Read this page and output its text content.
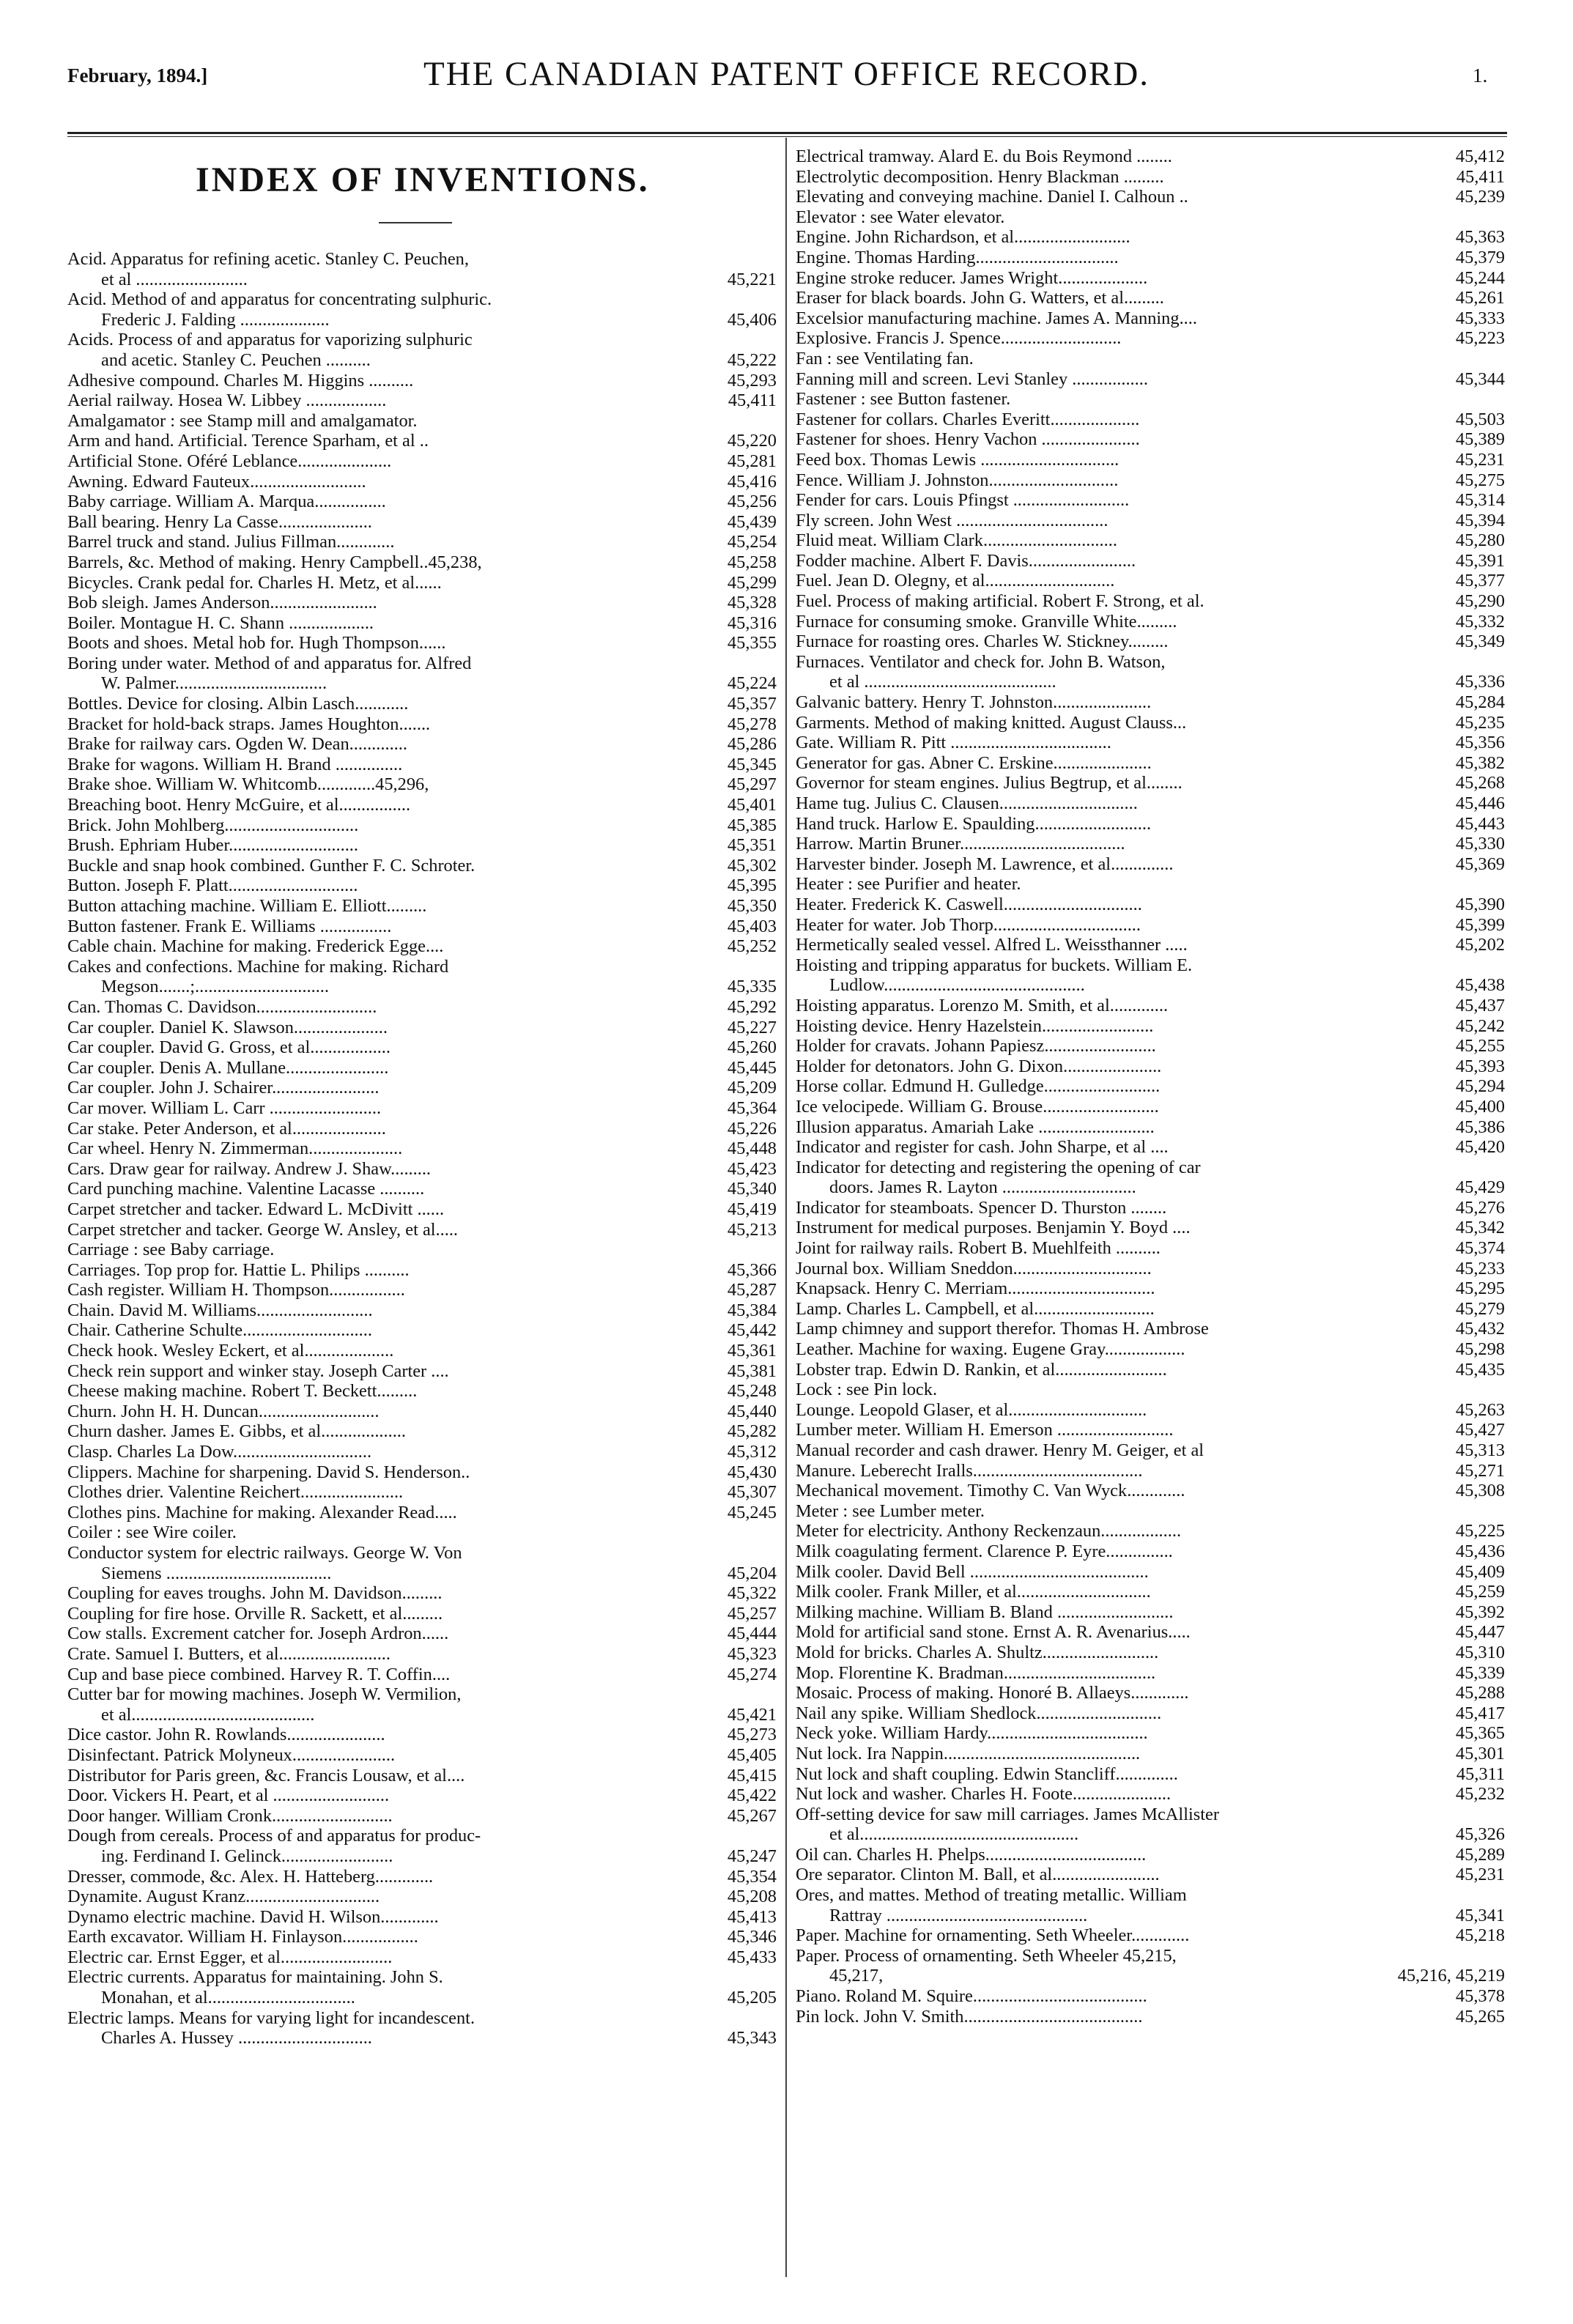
February, 1894.]	THE CANADIAN PATENT OFFICE RECORD.	1.
INDEX OF INVENTIONS.
Acid. Apparatus for refining acetic. Stanley C. Peuchen,
et al .........................	45,221
Acid. Method of and apparatus for concentrating sulphuric.
Frederic J. Falding ....................	45,406
Acids. Process of and apparatus for vaporizing sulphuric
and acetic. Stanley C. Peuchen ..........	45,222
Adhesive compound. Charles M. Higgins ..........	45,293
Aerial railway. Hosea W. Libbey ..................	45,411
Amalgamator : see Stamp mill and amalgamator.
Arm and hand. Artificial. Terence Sparham, et al ..	45,220
Artificial Stone. Oféré Leblance.....................	45,281
Awning. Edward Fauteux..........................	45,416
Baby carriage. William A. Marqua................	45,256
Ball bearing. Henry La Casse.....................	45,439
Barrel truck and stand. Julius Fillman.............	45,254
Barrels, &c. Method of making. Henry Campbell..45,238,	45,258
Bicycles. Crank pedal for. Charles H. Metz, et al......	45,299
Bob sleigh. James Anderson........................	45,328
Boiler. Montague H. C. Shann ...................	45,316
Boots and shoes. Metal hob for. Hugh Thompson......	45,355
Boring under water. Method of and apparatus for. Alfred
W. Palmer..................................	45,224
Bottles. Device for closing. Albin Lasch............	45,357
Bracket for hold-back straps. James Houghton.......	45,278
Brake for railway cars. Ogden W. Dean.............	45,286
Brake for wagons. William H. Brand ...............	45,345
Brake shoe. William W. Whitcomb.............45,296,	45,297
Breaching boot. Henry McGuire, et al................	45,401
Brick. John Mohlberg..............................	45,385
Brush. Ephriam Huber.............................	45,351
Buckle and snap hook combined. Gunther F. C. Schroter.	45,302
Button. Joseph F. Platt.............................	45,395
Button attaching machine. William E. Elliott.........	45,350
Button fastener. Frank E. Williams ................	45,403
Cable chain. Machine for making. Frederick Egge....	45,252
Cakes and confections. Machine for making. Richard
Megson.......;..............................	45,335
Can. Thomas C. Davidson...........................	45,292
Car coupler. Daniel K. Slawson.....................	45,227
Car coupler. David G. Gross, et al..................	45,260
Car coupler. Denis A. Mullane.......................	45,445
Car coupler. John J. Schairer........................	45,209
Car mover. William L. Carr .........................	45,364
Car stake. Peter Anderson, et al.....................	45,226
Car wheel. Henry N. Zimmerman.....................	45,448
Cars. Draw gear for railway. Andrew J. Shaw.........	45,423
Card punching machine. Valentine Lacasse ..........	45,340
Carpet stretcher and tacker. Edward L. McDivitt ......	45,419
Carpet stretcher and tacker. George W. Ansley, et al.....	45,213
Carriage : see Baby carriage.
Carriages. Top prop for. Hattie L. Philips ..........	45,366
Cash register. William H. Thompson.................	45,287
Chain. David M. Williams..........................	45,384
Chair. Catherine Schulte.............................	45,442
Check hook. Wesley Eckert, et al....................	45,361
Check rein support and winker stay. Joseph Carter ....	45,381
Cheese making machine. Robert T. Beckett.........	45,248
Churn. John H. H. Duncan...........................	45,440
Churn dasher. James E. Gibbs, et al...................	45,282
Clasp. Charles La Dow...............................	45,312
Clippers. Machine for sharpening. David S. Henderson..	45,430
Clothes drier. Valentine Reichert.......................	45,307
Clothes pins. Machine for making. Alexander Read.....	45,245
Coiler : see Wire coiler.
Conductor system for electric railways. George W. Von
Siemens .....................................	45,204
Coupling for eaves troughs. John M. Davidson.........	45,322
Coupling for fire hose. Orville R. Sackett, et al.........	45,257
Cow stalls. Excrement catcher for. Joseph Ardron......	45,444
Crate. Samuel I. Butters, et al.........................	45,323
Cup and base piece combined. Harvey R. T. Coffin....	45,274
Cutter bar for mowing machines. Joseph W. Vermilion,
et al.........................................	45,421
Dice castor. John R. Rowlands......................	45,273
Disinfectant. Patrick Molyneux.......................	45,405
Distributor for Paris green, &c. Francis Lousaw, et al....	45,415
Door. Vickers H. Peart, et al ..........................	45,422
Door hanger. William Cronk...........................	45,267
Dough from cereals. Process of and apparatus for produc-
ing. Ferdinand I. Gelinck.........................	45,247
Dresser, commode, &c. Alex. H. Hatteberg.............	45,354
Dynamite. August Kranz..............................	45,208
Dynamo electric machine. David H. Wilson.............	45,413
Earth excavator. William H. Finlayson.................	45,346
Electric car. Ernst Egger, et al.........................	45,433
Electric currents. Apparatus for maintaining. John S.
Monahan, et al.................................	45,205
Electric lamps. Means for varying light for incandescent.
Charles A. Hussey ..............................	45,343
Electrical tramway. Alard E. du Bois Reymond ........	45,412
Electrolytic decomposition. Henry Blackman .........	45,411
Elevating and conveying machine. Daniel I. Calhoun ..	45,239
Elevator : see Water elevator.
Engine. John Richardson, et al..........................	45,363
Engine. Thomas Harding................................	45,379
Engine stroke reducer. James Wright....................	45,244
Eraser for black boards. John G. Watters, et al.........	45,261
Excelsior manufacturing machine. James A. Manning....	45,333
Explosive. Francis J. Spence...........................	45,223
Fan : see Ventilating fan.
Fanning mill and screen. Levi Stanley .................	45,344
Fastener : see Button fastener.
Fastener for collars. Charles Everitt....................	45,503
Fastener for shoes. Henry Vachon ......................	45,389
Feed box. Thomas Lewis ...............................	45,231
Fence. William J. Johnston.............................	45,275
Fender for cars. Louis Pfingst ..........................	45,314
Fly screen. John West ..................................	45,394
Fluid meat. William Clark..............................	45,280
Fodder machine. Albert F. Davis........................	45,391
Fuel. Jean D. Olegny, et al.............................	45,377
Fuel. Process of making artificial. Robert F. Strong, et al.	45,290
Furnace for consuming smoke. Granville White.........	45,332
Furnace for roasting ores. Charles W. Stickney.........	45,349
Furnaces. Ventilator and check for. John B. Watson,
et al ...........................................	45,336
Galvanic battery. Henry T. Johnston......................	45,284
Garments. Method of making knitted. August Clauss...	45,235
Gate. William R. Pitt ....................................	45,356
Generator for gas. Abner C. Erskine......................	45,382
Governor for steam engines. Julius Begtrup, et al........	45,268
Hame tug. Julius C. Clausen...............................	45,446
Hand truck. Harlow E. Spaulding..........................	45,443
Harrow. Martin Bruner.....................................	45,330
Harvester binder. Joseph M. Lawrence, et al..............	45,369
Heater : see Purifier and heater.
Heater. Frederick K. Caswell...............................	45,390
Heater for water. Job Thorp.................................	45,399
Hermetically sealed vessel. Alfred L. Weissthanner .....	45,202
Hoisting and tripping apparatus for buckets. William E.
Ludlow.............................................	45,438
Hoisting apparatus. Lorenzo M. Smith, et al.............	45,437
Hoisting device. Henry Hazelstein.........................	45,242
Holder for cravats. Johann Papiesz.........................	45,255
Holder for detonators. John G. Dixon......................	45,393
Horse collar. Edmund H. Gulledge..........................	45,294
Ice velocipede. William G. Brouse..........................	45,400
Illusion apparatus. Amariah Lake ..........................	45,386
Indicator and register for cash. John Sharpe, et al ....	45,420
Indicator for detecting and registering the opening of car
doors. James R. Layton ..............................	45,429
Indicator for steamboats. Spencer D. Thurston ........	45,276
Instrument for medical purposes. Benjamin Y. Boyd ....	45,342
Joint for railway rails. Robert B. Muehlfeith ..........	45,374
Journal box. William Sneddon...............................	45,233
Knapsack. Henry C. Merriam.................................	45,295
Lamp. Charles L. Campbell, et al...........................	45,279
Lamp chimney and support therefor. Thomas H. Ambrose	45,432
Leather. Machine for waxing. Eugene Gray..................	45,298
Lobster trap. Edwin D. Rankin, et al.........................	45,435
Lock : see Pin lock.
Lounge. Leopold Glaser, et al...............................	45,263
Lumber meter. William H. Emerson ..........................	45,427
Manual recorder and cash drawer. Henry M. Geiger, et al	45,313
Manure. Leberecht Iralls......................................	45,271
Mechanical movement. Timothy C. Van Wyck.............	45,308
Meter : see Lumber meter.
Meter for electricity. Anthony Reckenzaun..................	45,225
Milk coagulating ferment. Clarence P. Eyre...............	45,436
Milk cooler. David Bell ........................................	45,409
Milk cooler. Frank Miller, et al..............................	45,259
Milking machine. William B. Bland ..........................	45,392
Mold for artificial sand stone. Ernst A. R. Avenarius.....	45,447
Mold for bricks. Charles A. Shultz..........................	45,310
Mop. Florentine K. Bradman..................................	45,339
Mosaic. Process of making. Honoré B. Allaeys.............	45,288
Nail any spike. William Shedlock............................	45,417
Neck yoke. William Hardy....................................	45,365
Nut lock. Ira Nappin............................................	45,301
Nut lock and shaft coupling. Edwin Stancliff..............	45,311
Nut lock and washer. Charles H. Foote......................	45,232
Off-setting device for saw mill carriages. James McAllister
et al.................................................	45,326
Oil can. Charles H. Phelps....................................	45,289
Ore separator. Clinton M. Ball, et al........................	45,231
Ores, and mattes. Method of treating metallic. William
Rattray .............................................	45,341
Paper. Machine for ornamenting. Seth Wheeler.............	45,218
Paper. Process of ornamenting. Seth Wheeler 45,215,
45,217,	45,216, 45,219
Piano. Roland M. Squire.......................................	45,378
Pin lock. John V. Smith........................................	45,265
